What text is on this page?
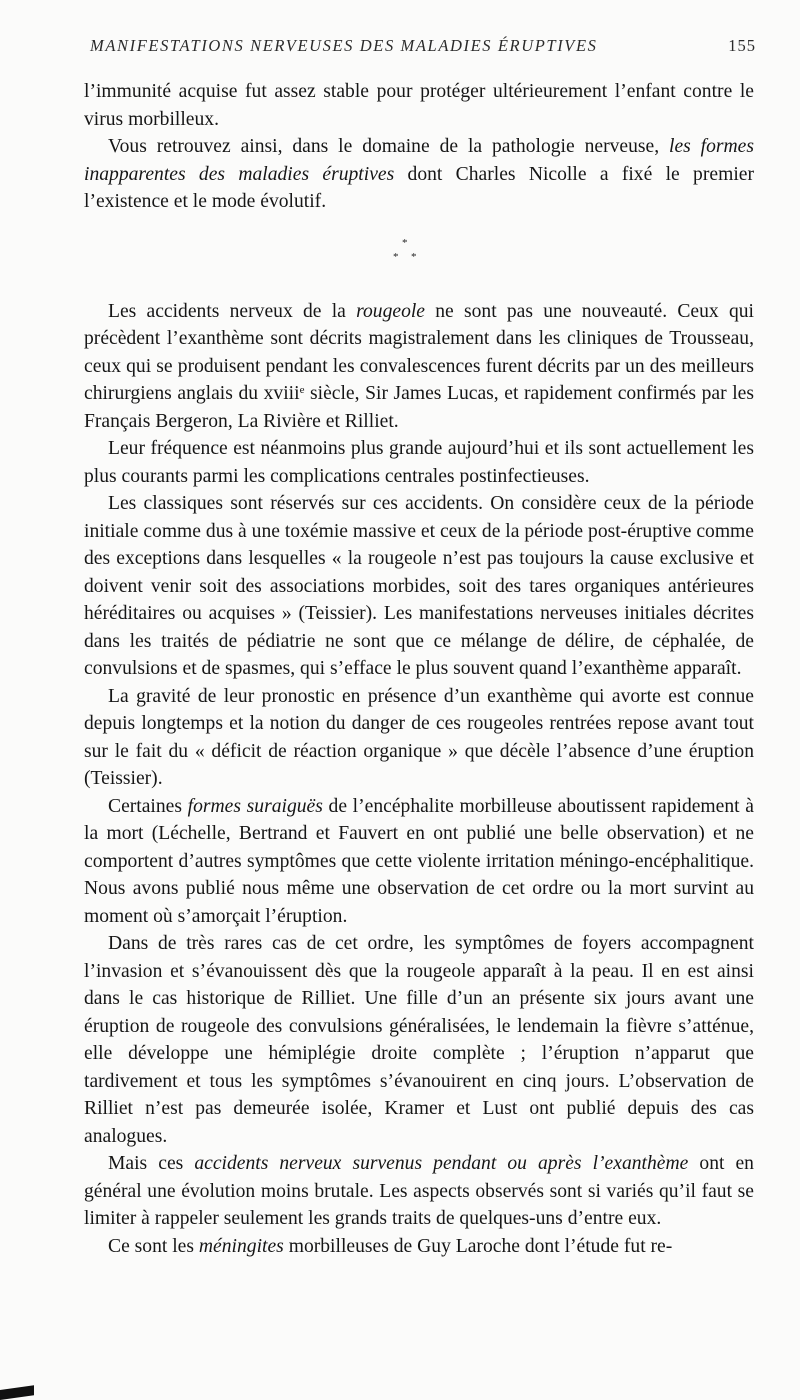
MANIFESTATIONS NERVEUSES DES MALADIES ÉRUPTIVES	155

l’immunité acquise fut assez stable pour protéger ultérieurement l’enfant contre le virus morbilleux.

Vous retrouvez ainsi, dans le domaine de la pathologie nerveuse, les formes inapparentes des maladies éruptives dont Charles Nicolle a fixé le premier l’existence et le mode évolutif.

*
* *

Les accidents nerveux de la rougeole ne sont pas une nouveauté. Ceux qui précèdent l’exanthème sont décrits magistralement dans les cliniques de Trousseau, ceux qui se produisent pendant les convalescences furent décrits par un des meilleurs chirurgiens anglais du xviii$^e$ siècle, Sir James Lucas, et rapidement confirmés par les Français Bergeron, La Rivière et Rilliet.

Leur fréquence est néanmoins plus grande aujourd’hui et ils sont actuellement les plus courants parmi les complications centrales postinfectieuses.

Les classiques sont réservés sur ces accidents. On considère ceux de la période initiale comme dus à une toxémie massive et ceux de la période post-éruptive comme des exceptions dans lesquelles « la rougeole n’est pas toujours la cause exclusive et doivent venir soit des associations morbides, soit des tares organiques antérieures héréditaires ou acquises » (Teissier). Les manifestations nerveuses initiales décrites dans les traités de pédiatrie ne sont que ce mélange de délire, de céphalée, de convulsions et de spasmes, qui s’efface le plus souvent quand l’exanthème apparaît.

La gravité de leur pronostic en présence d’un exanthème qui avorte est connue depuis longtemps et la notion du danger de ces rougeoles rentrées repose avant tout sur le fait du « déficit de réaction organique » que décèle l’absence d’une éruption (Teissier).

Certaines formes suraiguës de l’encéphalite morbilleuse aboutissent rapidement à la mort (Léchelle, Bertrand et Fauvert en ont publié une belle observation) et ne comportent d’autres symptômes que cette violente irritation méningo-encéphalitique. Nous avons publié nous même une observation de cet ordre ou la mort survint au moment où s’amorçait l’éruption.

Dans de très rares cas de cet ordre, les symptômes de foyers accompagnent l’invasion et s’évanouissent dès que la rougeole apparaît à la peau. Il en est ainsi dans le cas historique de Rilliet. Une fille d’un an présente six jours avant une éruption de rougeole des convulsions généralisées, le lendemain la fièvre s’atténue, elle développe une hémiplégie droite complète ; l’éruption n’apparut que tardivement et tous les symptômes s’évanouirent en cinq jours. L’observation de Rilliet n’est pas demeurée isolée, Kramer et Lust ont publié depuis des cas analogues.

Mais ces accidents nerveux survenus pendant ou après l’exanthème ont en général une évolution moins brutale. Les aspects observés sont si variés qu’il faut se limiter à rappeler seulement les grands traits de quelques-uns d’entre eux.

Ce sont les méningites morbilleuses de Guy Laroche dont l’étude fut re-
